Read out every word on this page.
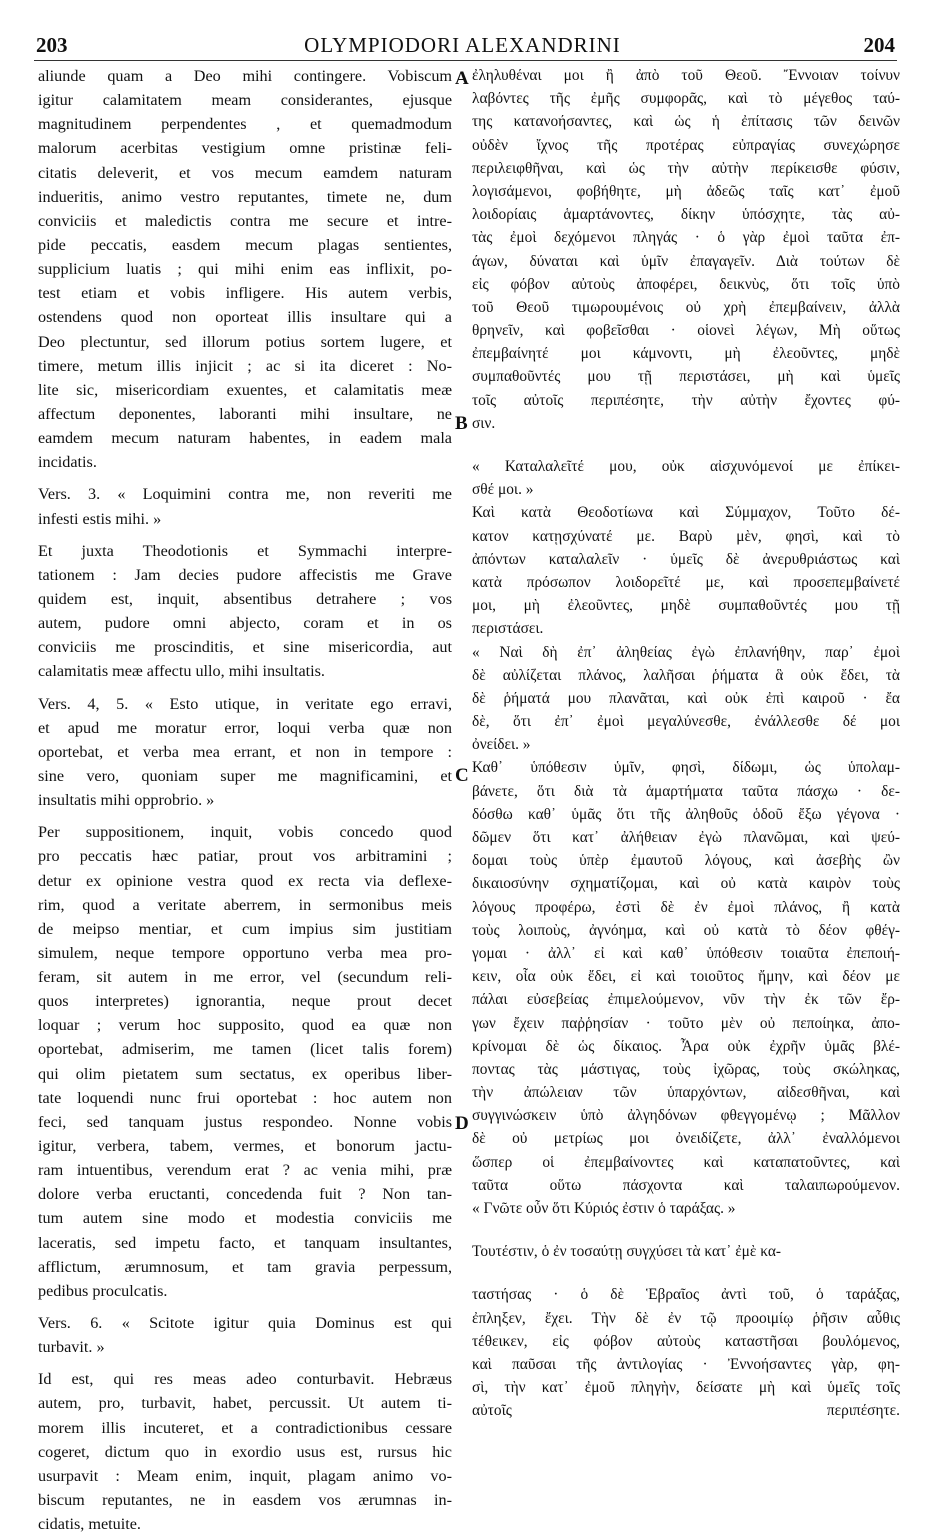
203	OLYMPIODORI ALEXANDRINI	204
A
B
C
D
aliunde quam a Deo mihi contingere. Vobiscum
igitur calamitatem meam considerantes, ejusque
magnitudinem perpendentes , et quemadmodum
malorum acerbitas vestigium omne pristinæ feli-
citatis deleverit, et vos mecum eamdem naturam
indueritis, animo vestro reputantes, timete ne, dum
conviciis et maledictis contra me secure et intre-
pide peccatis, easdem mecum plagas sentientes,
supplicium luatis ; qui mihi enim eas inflixit, po-
test etiam et vobis infligere. His autem verbis,
ostendens quod non oporteat illis insultare qui a
Deo plectuntur, sed illorum potius sortem lugere, et
timere, metum illis injicit ; ac si ita diceret : No-
lite sic, misericordiam exuentes, et calamitatis meæ
affectum deponentes, laboranti mihi insultare, ne
eamdem mecum naturam habentes, in eadem mala
incidatis.
Vers. 3. « Loquimini contra me, non reveriti me
infesti estis mihi. »
Et juxta Theodotionis et Symmachi interpre-
tationem : Jam decies pudore affecistis me Grave
quidem est, inquit, absentibus detrahere ; vos
autem, pudore omni abjecto, coram et in os
conviciis me proscinditis, et sine misericordia, aut
calamitatis meæ affectu ullo, mihi insultatis.
Vers. 4, 5. « Esto utique, in veritate ego erravi,
et apud me moratur error, loqui verba quæ non
oportebat, et verba mea errant, et non in tempore :
sine vero, quoniam super me magnificamini, et
insultatis mihi opprobrio. »
Per suppositionem, inquit, vobis concedo quod
pro peccatis hæc patiar, prout vos arbitramini ;
detur ex opinione vestra quod ex recta via deflexe-
rim, quod a veritate aberrem, in sermonibus meis
de meipso mentiar, et cum impius sim justitiam
simulem, neque tempore opportuno verba mea pro-
feram, sit autem in me error, vel (secundum reli-
quos interpretes) ignorantia, neque prout decet
loquar ; verum hoc supposito, quod ea quæ non
oportebat, admiserim, me tamen (licet talis forem)
qui olim pietatem sum sectatus, ex operibus liber-
tate loquendi nunc frui oportebat : hoc autem non
feci, sed tanquam justus respondeo. Nonne vobis
igitur, verbera, tabem, vermes, et bonorum jactu-
ram intuentibus, verendum erat ? ac venia mihi, præ
dolore verba eructanti, concedenda fuit ? Non tan-
tum autem sine modo et modestia conviciis me
laceratis, sed impetu facto, et tanquam insultantes,
afflictum, ærumnosum, et tam gravia perpessum,
pedibus proculcatis.
Vers. 6. « Scitote igitur quia Dominus est qui
turbavit. »
Id est, qui res meas adeo conturbavit. Hebræus
autem, pro, turbavit, habet, percussit. Ut autem ti-
morem illis incuteret, et a contradictionibus cessare
cogeret, dictum quo in exordio usus est, rursus hic
usurpavit : Meam enim, inquit, plagam animo vo-
biscum reputantes, ne in easdem vos ærumnas in-
cidatis, metuite.
ἐληλυθέναι μοι ἢ ἀπὸ τοῦ Θεοῦ. Ἔννοιαν τοίνυν
λαβόντες τῆς ἐμῆς συμφορᾶς, καὶ τὸ μέγεθος ταύ-
της κατανοήσαντες, καὶ ὡς ἡ ἐπίτασις τῶν δεινῶν
οὐδὲν ἴχνος τῆς προτέρας εὐπραγίας συνεχώρησε
περιλειφθῆναι, καὶ ὡς τὴν αὐτὴν περίκεισθε φύσιν,
λογισάμενοι, φοβήθητε, μὴ ἀδεῶς ταῖς κατ᾽ ἐμοῦ
λοιδορίαις ἁμαρτάνοντες, δίκην ὑπόσχητε, τὰς αὐ-
τὰς ἐμοὶ δεχόμενοι πληγάς · ὁ γὰρ ἐμοὶ ταῦτα ἐπ-
άγων, δύναται καὶ ὑμῖν ἐπαγαγεῖν. Διὰ τούτων δὲ
εἰς φόβον αὐτοὺς ἀποφέρει, δεικνὺς, ὅτι τοῖς ὑπὸ
τοῦ Θεοῦ τιμωρουμένοις οὐ χρὴ ἐπεμβαίνειν, ἀλλὰ
θρηνεῖν, καὶ φοβεῖσθαι · οἱονεὶ λέγων, Μὴ οὕτως
ἐπεμβαίνητέ μοι κάμνοντι, μὴ ἐλεοῦντες, μηδὲ
συμπαθοῦντές μου τῇ περιστάσει, μὴ καὶ ὑμεῖς
τοῖς αὐτοῖς περιπέσητε, τὴν αὐτὴν ἔχοντες φύ-
σιν.
« Καταλαλεῖτέ μου, οὐκ αἰσχυνόμενοί με ἐπίκει-
σθέ μοι. »
Καὶ κατὰ Θεοδοτίωνα καὶ Σύμμαχον, Τοῦτο δέ-
κατον κατῃσχύνατέ με. Βαρὺ μὲν, φησὶ, καὶ τὸ
ἀπόντων καταλαλεῖν · ὑμεῖς δὲ ἀνερυθριάστως καὶ
κατὰ πρόσωπον λοιδορεῖτέ με, καὶ προσεπεμβαίνετέ
μοι, μὴ ἐλεοῦντες, μηδὲ συμπαθοῦντές μου τῇ
περιστάσει.
« Ναὶ δὴ ἐπ᾽ ἀληθείας ἐγὼ ἐπλανήθην, παρ᾽ ἐμοὶ
δὲ αὐλίζεται πλάνος, λαλῆσαι ῥήματα ἃ οὐκ ἔδει, τὰ
δὲ ῥήματά μου πλανᾶται, καὶ οὐκ ἐπὶ καιροῦ · ἔα
δὲ, ὅτι ἐπ᾽ ἐμοὶ μεγαλύνεσθε, ἐνάλλεσθε δέ μοι
ὀνείδει. »
Καθ᾽ ὑπόθεσιν ὑμῖν, φησὶ, δίδωμι, ὡς ὑπολαμ-
βάνετε, ὅτι διὰ τὰ ἁμαρτήματα ταῦτα πάσχω · δε-
δόσθω καθ᾽ ὑμᾶς ὅτι τῆς ἀληθοῦς ὁδοῦ ἔξω γέγονα ·
δῶμεν ὅτι κατ᾽ ἀλήθειαν ἐγὼ πλανῶμαι, καὶ ψεύ-
δομαι τοὺς ὑπὲρ ἐμαυτοῦ λόγους, καὶ ἀσεβὴς ὢν
δικαιοσύνην σχηματίζομαι, καὶ οὐ κατὰ καιρὸν τοὺς
λόγους προφέρω, ἐστὶ δὲ ἐν ἐμοὶ πλάνος, ἢ κατὰ
τοὺς λοιποὺς, ἀγνόημα, καὶ οὐ κατὰ τὸ δέον φθέγ-
γομαι · ἀλλ᾽ εἰ καὶ καθ᾽ ὑπόθεσιν τοιαῦτα ἐπεποιή-
κειν, οἷα οὐκ ἔδει, εἰ καὶ τοιοῦτος ἤμην, καὶ δέον με
πάλαι εὐσεβείας ἐπιμελούμενον, νῦν τὴν ἐκ τῶν ἔρ-
γων ἔχειν παῤῥησίαν · τοῦτο μὲν οὐ πεποίηκα, ἀπο-
κρίνομαι δὲ ὡς δίκαιος. Ἆρα οὐκ ἐχρῆν ὑμᾶς βλέ-
ποντας τὰς μάστιγας, τοὺς ἰχῶρας, τοὺς σκώληκας,
τὴν ἀπώλειαν τῶν ὑπαρχόντων, αἰδεσθῆναι, καὶ
συγγινώσκειν ὑπὸ ἀλγηδόνων φθεγγομένῳ ; Μᾶλλον
δὲ οὐ μετρίως μοι ὀνειδίζετε, ἀλλ᾽ ἐναλλόμενοι
ὥσπερ οἱ ἐπεμβαίνοντες καὶ καταπατοῦντες, καὶ
ταῦτα οὕτω πάσχοντα καὶ ταλαιπωρούμενον.
« Γνῶτε οὖν ὅτι Κύριός ἐστιν ὁ ταράξας. »
Τουτέστιν, ὁ ἐν τοσαύτῃ συγχύσει τὰ κατ᾽ ἐμὲ κα-
ταστήσας · ὁ δὲ Ἑβραῖος ἀντὶ τοῦ, ὁ ταράξας,
ἐπληξεν, ἔχει. Τὴν δὲ ἐν τῷ προοιμίῳ ῥῆσιν αὖθις
τέθεικεν, εἰς φόβον αὐτοὺς καταστῆσαι βουλόμενος,
καὶ παῦσαι τῆς ἀντιλογίας · Ἐννοήσαντες γὰρ, φη-
σὶ, τὴν κατ᾽ ἐμοῦ πληγὴν, δείσατε μὴ καὶ ὑμεῖς τοῖς
αὐτοῖς περιπέσητε.
